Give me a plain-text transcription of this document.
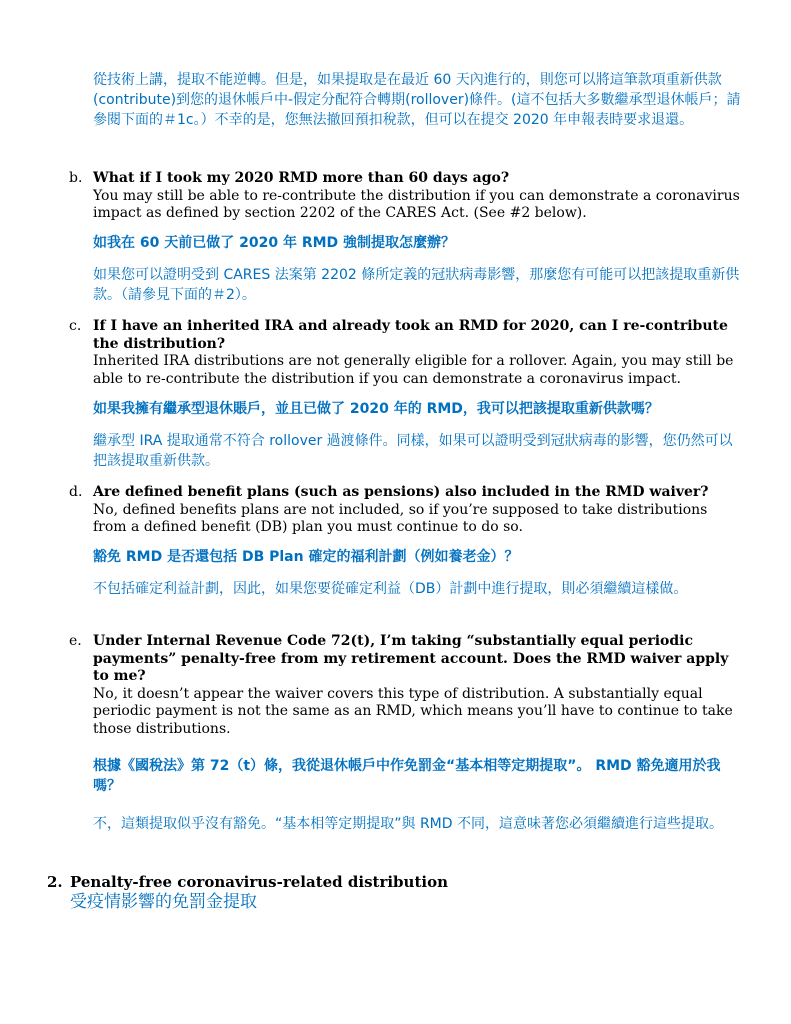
從技術上講，提取不能逆轉。但是，如果提取是在最近 60 天內進行的，則您可以將這筆款項重新供款(contribute)到您的退休帳戶中-假定分配符合轉期(rollover)條件。(這不包括大多數繼承型退休帳戶；請參閱下面的＃1c。）不幸的是，您無法撤回預扣稅款，但可以在提交 2020 年申報表時要求退還。

b. What if I took my 2020 RMD more than 60 days ago?

You may still be able to re-contribute the distribution if you can demonstrate a coronavirus impact as defined by section 2202 of the CARES Act. (See #2 below).

如我在 60 天前已做了 2020 年 RMD 強制提取怎麼辦？

如果您可以證明受到 CARES 法案第 2202 條所定義的冠狀病毒影響，那麼您有可能可以把該提取重新供款。（請參見下面的＃2）。

c. If I have an inherited IRA and already took an RMD for 2020, can I re-contribute the distribution?

Inherited IRA distributions are not generally eligible for a rollover. Again, you may still be able to re-contribute the distribution if you can demonstrate a coronavirus impact.

如果我擁有繼承型退休賬戶，並且已做了 2020 年的 RMD，我可以把該提取重新供款嗎？

繼承型 IRA 提取通常不符合 rollover 過渡條件。同樣，如果可以證明受到冠狀病毒的影響，您仍然可以把該提取重新供款。

d. Are defined benefit plans (such as pensions) also included in the RMD waiver?

No, defined benefits plans are not included, so if you’re supposed to take distributions from a defined benefit (DB) plan you must continue to do so.

豁免 RMD 是否還包括 DB Plan 確定的福利計劃（例如養老金）？

不包括確定利益計劃，因此，如果您要從確定利益（DB）計劃中進行提取，則必須繼續這樣做。

e. Under Internal Revenue Code 72(t), I’m taking “substantially equal periodic payments” penalty-free from my retirement account. Does the RMD waiver apply to me?

No, it doesn’t appear the waiver covers this type of distribution. A substantially equal periodic payment is not the same as an RMD, which means you’ll have to continue to take those distributions.

根據《國稅法》第 72（t）條，我從退休帳戶中作免罰金“基本相等定期提取”。 RMD 豁免適用於我嗎？

不，這類提取似乎沒有豁免。“基本相等定期提取”與 RMD 不同，這意味著您必須繼續進行這些提取。

2. Penalty-free coronavirus-related distribution

受疫情影響的免罰金提取
